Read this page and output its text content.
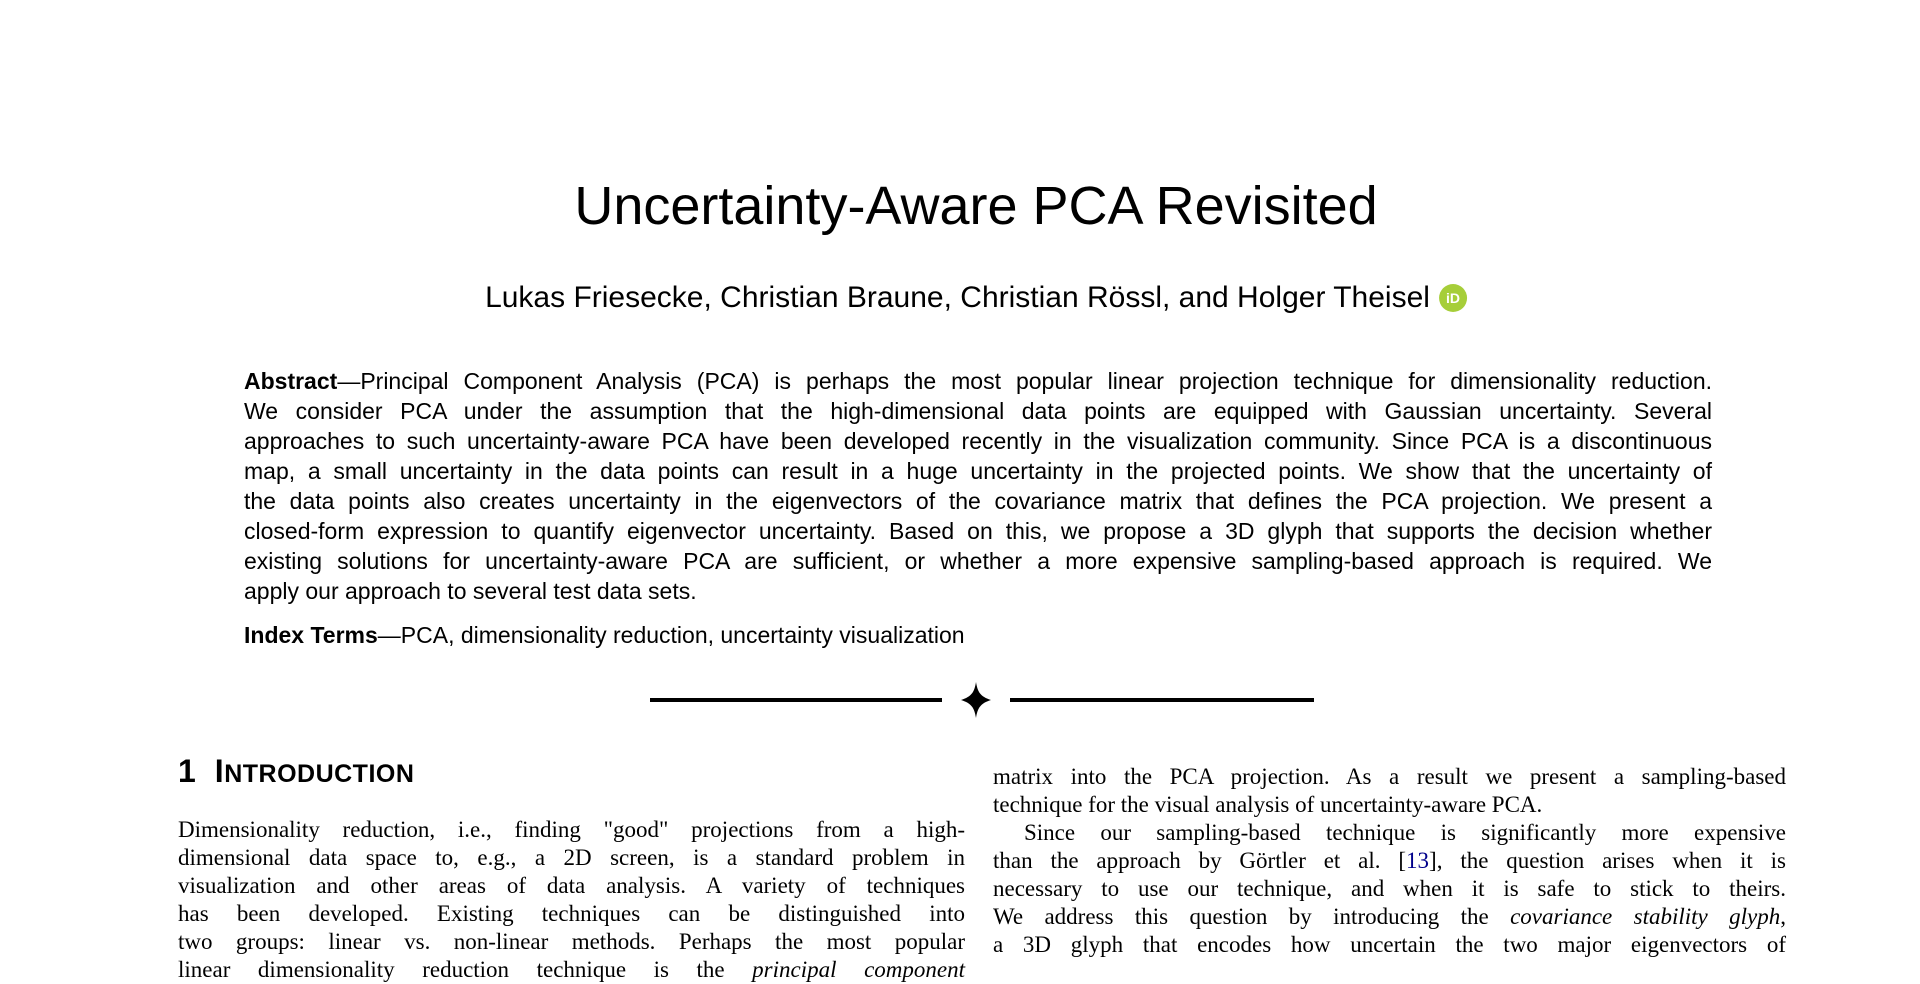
Uncertainty-Aware PCA Revisited
Lukas Friesecke, Christian Braune, Christian Rössl, and Holger Theisel	iD
Abstract—Principal Component Analysis (PCA) is perhaps the most popular linear projection technique for dimensionality reduction.
We consider PCA under the assumption that the high-dimensional data points are equipped with Gaussian uncertainty. Several
approaches to such uncertainty-aware PCA have been developed recently in the visualization community. Since PCA is a discontinuous
map, a small uncertainty in the data points can result in a huge uncertainty in the projected points. We show that the uncertainty of
the data points also creates uncertainty in the eigenvectors of the covariance matrix that defines the PCA projection. We present a
closed-form expression to quantify eigenvector uncertainty. Based on this, we propose a 3D glyph that supports the decision whether
existing solutions for uncertainty-aware PCA are sufficient, or whether a more expensive sampling-based approach is required. We
apply our approach to several test data sets.
Index Terms—PCA, dimensionality reduction, uncertainty visualization
1 INTRODUCTION
Dimensionality reduction, i.e., finding "good" projections from a high-
dimensional data space to, e.g., a 2D screen, is a standard problem in
visualization and other areas of data analysis. A variety of techniques
has been developed. Existing techniques can be distinguished into
two groups: linear vs. non-linear methods. Perhaps the most popular
linear dimensionality reduction technique is the principal component
matrix into the PCA projection. As a result we present a sampling-based
technique for the visual analysis of uncertainty-aware PCA.
Since our sampling-based technique is significantly more expensive
than the approach by Görtler et al. [13], the question arises when it is
necessary to use our technique, and when it is safe to stick to theirs.
We address this question by introducing the covariance stability glyph,
a 3D glyph that encodes how uncertain the two major eigenvectors of
